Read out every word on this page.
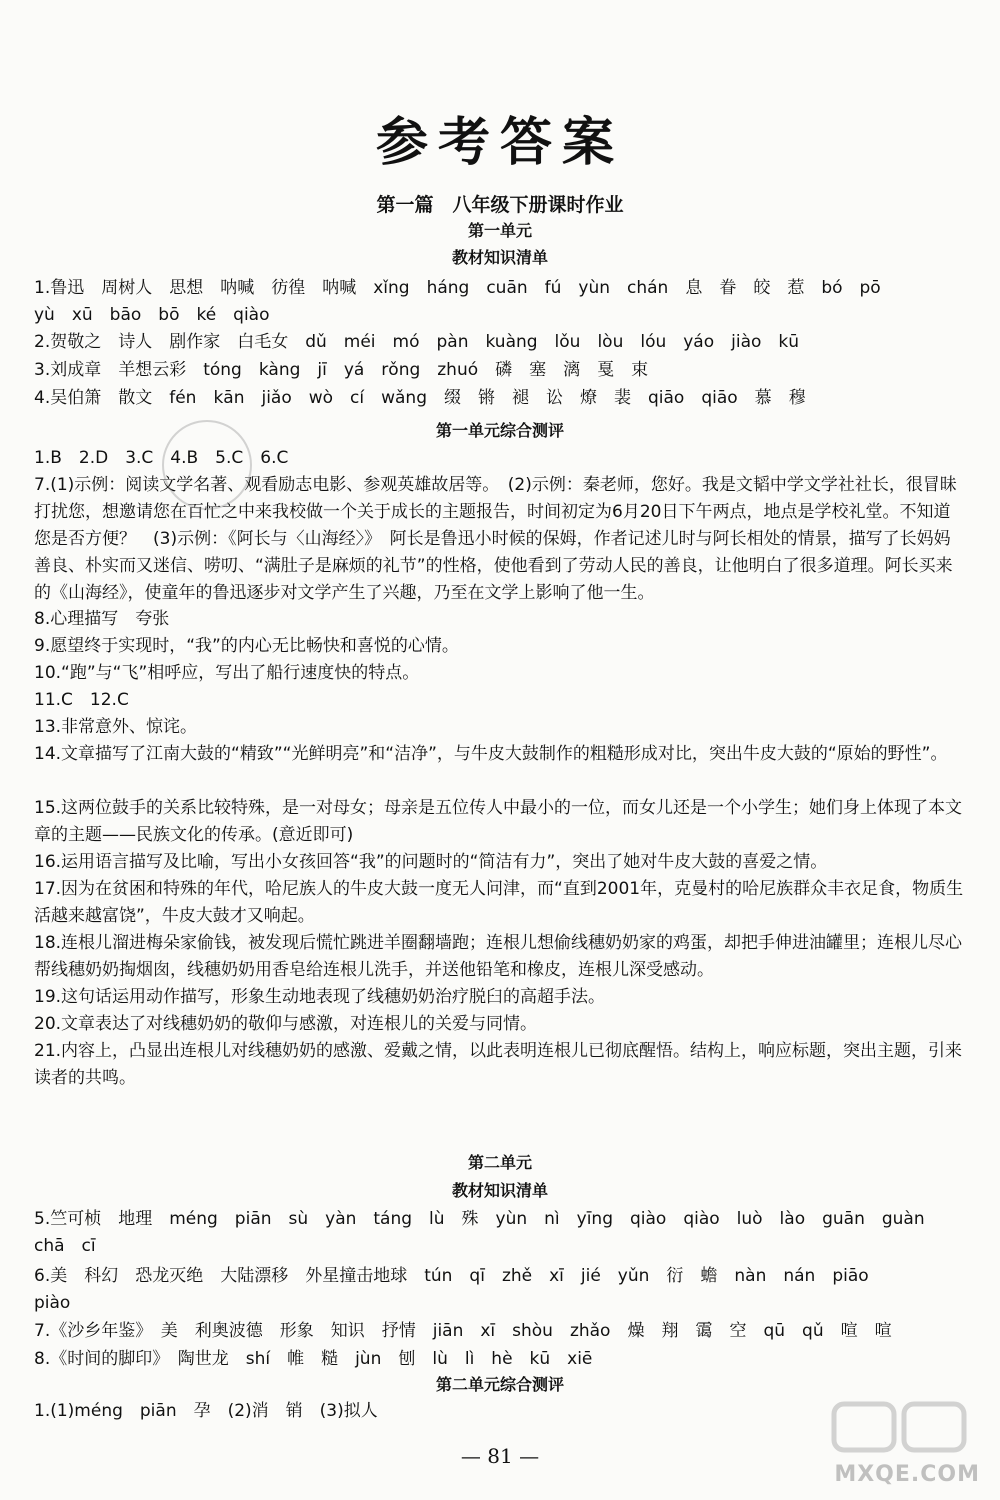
参考答案
第一篇　八年级下册课时作业
第一单元
教材知识清单
1.鲁迅　周树人　思想　呐喊　彷徨　呐喊　xǐng　háng　cuān　fú　yùn　chán　息　眷　皎　惹　bó　pō
yù　xū　bāo　bō　ké　qiào
2.贺敬之　诗人　剧作家　白毛女　dǔ　méi　mó　pàn　kuàng　lǒu　lòu　lóu　yáo　jiào　kū
3.刘成章　羊想云彩　tóng　kàng　jī　yá　rǒng　zhuó　磷　塞　漓　戛　束
4.吴伯箫　散文　fén　kān　jiǎo　wò　cí　wǎng　缀　锵　褪　讼　燎　裴　qiāo　qiāo　慕　穆
第一单元综合测评
1.B　2.D　3.C　4.B　5.C　6.C
7.(1)示例：阅读文学名著、观看励志电影、参观英雄故居等。　(2)示例：秦老师，您好。我是文韬中学文学社社长，很冒昧打扰您，想邀请您在百忙之中来我校做一个关于成长的主题报告，时间初定为6月20日下午两点，地点是学校礼堂。不知道您是否方便？　(3)示例：《阿长与〈山海经〉》　阿长是鲁迅小时候的保姆，作者记述儿时与阿长相处的情景，描写了长妈妈善良、朴实而又迷信、唠叨、“满肚子是麻烦的礼节”的性格，使他看到了劳动人民的善良，让他明白了很多道理。阿长买来的《山海经》，使童年的鲁迅逐步对文学产生了兴趣，乃至在文学上影响了他一生。
8.心理描写　夸张
9.愿望终于实现时，“我”的内心无比畅快和喜悦的心情。
10.“跑”与“飞”相呼应，写出了船行速度快的特点。
11.C　12.C
13.非常意外、惊诧。
14.文章描写了江南大鼓的“精致”“光鲜明亮”和“洁净”，与牛皮大鼓制作的粗糙形成对比，突出牛皮大鼓的“原始的野性”。
15.这两位鼓手的关系比较特殊，是一对母女；母亲是五位传人中最小的一位，而女儿还是一个小学生；她们身上体现了本文章的主题——民族文化的传承。(意近即可)
16.运用语言描写及比喻，写出小女孩回答“我”的问题时的“简洁有力”，突出了她对牛皮大鼓的喜爱之情。
17.因为在贫困和特殊的年代，哈尼族人的牛皮大鼓一度无人问津，而“直到2001年，克曼村的哈尼族群众丰衣足食，物质生活越来越富饶”，牛皮大鼓才又响起。
18.连根儿溜进梅朵家偷钱，被发现后慌忙跳进羊圈翻墙跑；连根儿想偷线穗奶奶家的鸡蛋，却把手伸进油罐里；连根儿尽心帮线穗奶奶掏烟囱，线穗奶奶用香皂给连根儿洗手，并送他铅笔和橡皮，连根儿深受感动。
19.这句话运用动作描写，形象生动地表现了线穗奶奶治疗脱臼的高超手法。
20.文章表达了对线穗奶奶的敬仰与感激，对连根儿的关爱与同情。
21.内容上，凸显出连根儿对线穗奶奶的感激、爱戴之情，以此表明连根儿已彻底醒悟。结构上，响应标题，突出主题，引来读者的共鸣。
第二单元
教材知识清单
5.竺可桢　地理　méng　piān　sù　yàn　táng　lù　殊　yùn　nì　yīng　qiào　qiào　luò　lào　guān　guàn
chā　cī
6.美　科幻　恐龙灭绝　大陆漂移　外星撞击地球　tún　qī　zhě　xī　jié　yǔn　衍　蟾　nàn　nán　piāo
piào
7.《沙乡年鉴》　美　利奥波德　形象　知识　抒情　jiān　xī　shòu　zhǎo　燥　翔　霭　空　qū　qǔ　喧　喧
8.《时间的脚印》　陶世龙　shí　帷　糙　jùn　刨　lù　lì　hè　kū　xiē
第二单元综合测评
1.(1)méng　piān　孕　(2)消　销　(3)拟人
— 81 —
MXQE.COM
